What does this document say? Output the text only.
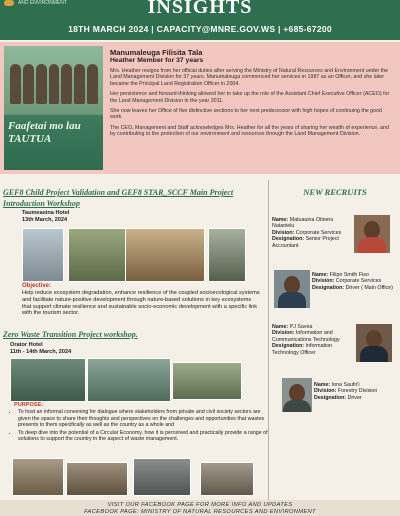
AND ENVIRONMENT	INSIGHTS
18TH MARCH 2024 | CAPACITY@MNRE.GOV.WS | +685-67200
Faafetai mo lau TAUTUA
Manumaleuga Filisita Tala
Heather Member for 37 years

Mrs. Heather resigns from her official duties after serving the Ministry of Natural Resources and Environment under the Land Management Division for 37 years. Manumaleuga commenced her services in 1987 as an Officer, and she later became the Principal Land Registration Officer in 2004.

Her persistence and forward-thinking allowed her to take up the role of the Assistant Chief Executive Officer (ACEO) for the Land Management Division in the year 2011.

She now leaves her Office of five distinctive sections to her next predecessor with high hopes of continuing the good work.

The CEO, Management and Staff acknowledges Mrs. Heather for all the years of sharing her wealth of experience, and by contributing to the protection of our environment and resources through the Land Management Division.

GEF8 Child Project Validation and GEF8 STAR_SCCF Main Project Introduction Workshop
Taumeasina Hotel
13th March, 2024
Objective:

Help reduce ecosystem degradation, enhance resilience of the coupled socioecological systems and facilitate nature-positive development through nature-based solutions in key ecosystems that support climate resilience and sustainable socio-economic development with a specific link with the tourism sector.

Zero Waste Transition Project workshop.
Orator Hotel
11th - 14th March, 2024
PURPOSE:
• To host an informal convening for dialogue where stakeholders from private and civil society sectors are given the space to share their thoughts and perspectives on the challenges and opportunities that wastes presents to them specifically as well as the country as a whole and
• To deep dive into the potential of a Circular Economy, how it is perceived and practically provide a range of solutions to support the country in the aspect of waste management.
NEW RECRUITS
Name: Matuauina Otineru Natanielu
Division: Corporate Services
Designation: Senior Project Accountant
Name: Filipo Smith Fiso
Division: Corporate Services
Designation: Driver ( Main Office)
Name: PJ Savea
Division: Information and Communications Technology
Designation: Information Technology Officer
Name: Iona Saufo'i
Division: Forestry Division
Designation: Driver
VISIT OUR FACEBOOK PAGE FOR MORE INFO AND UPDATES
FACEBOOK PAGE: MINISTRY OF NATURAL RESOURCES AND ENVIRONMENT
